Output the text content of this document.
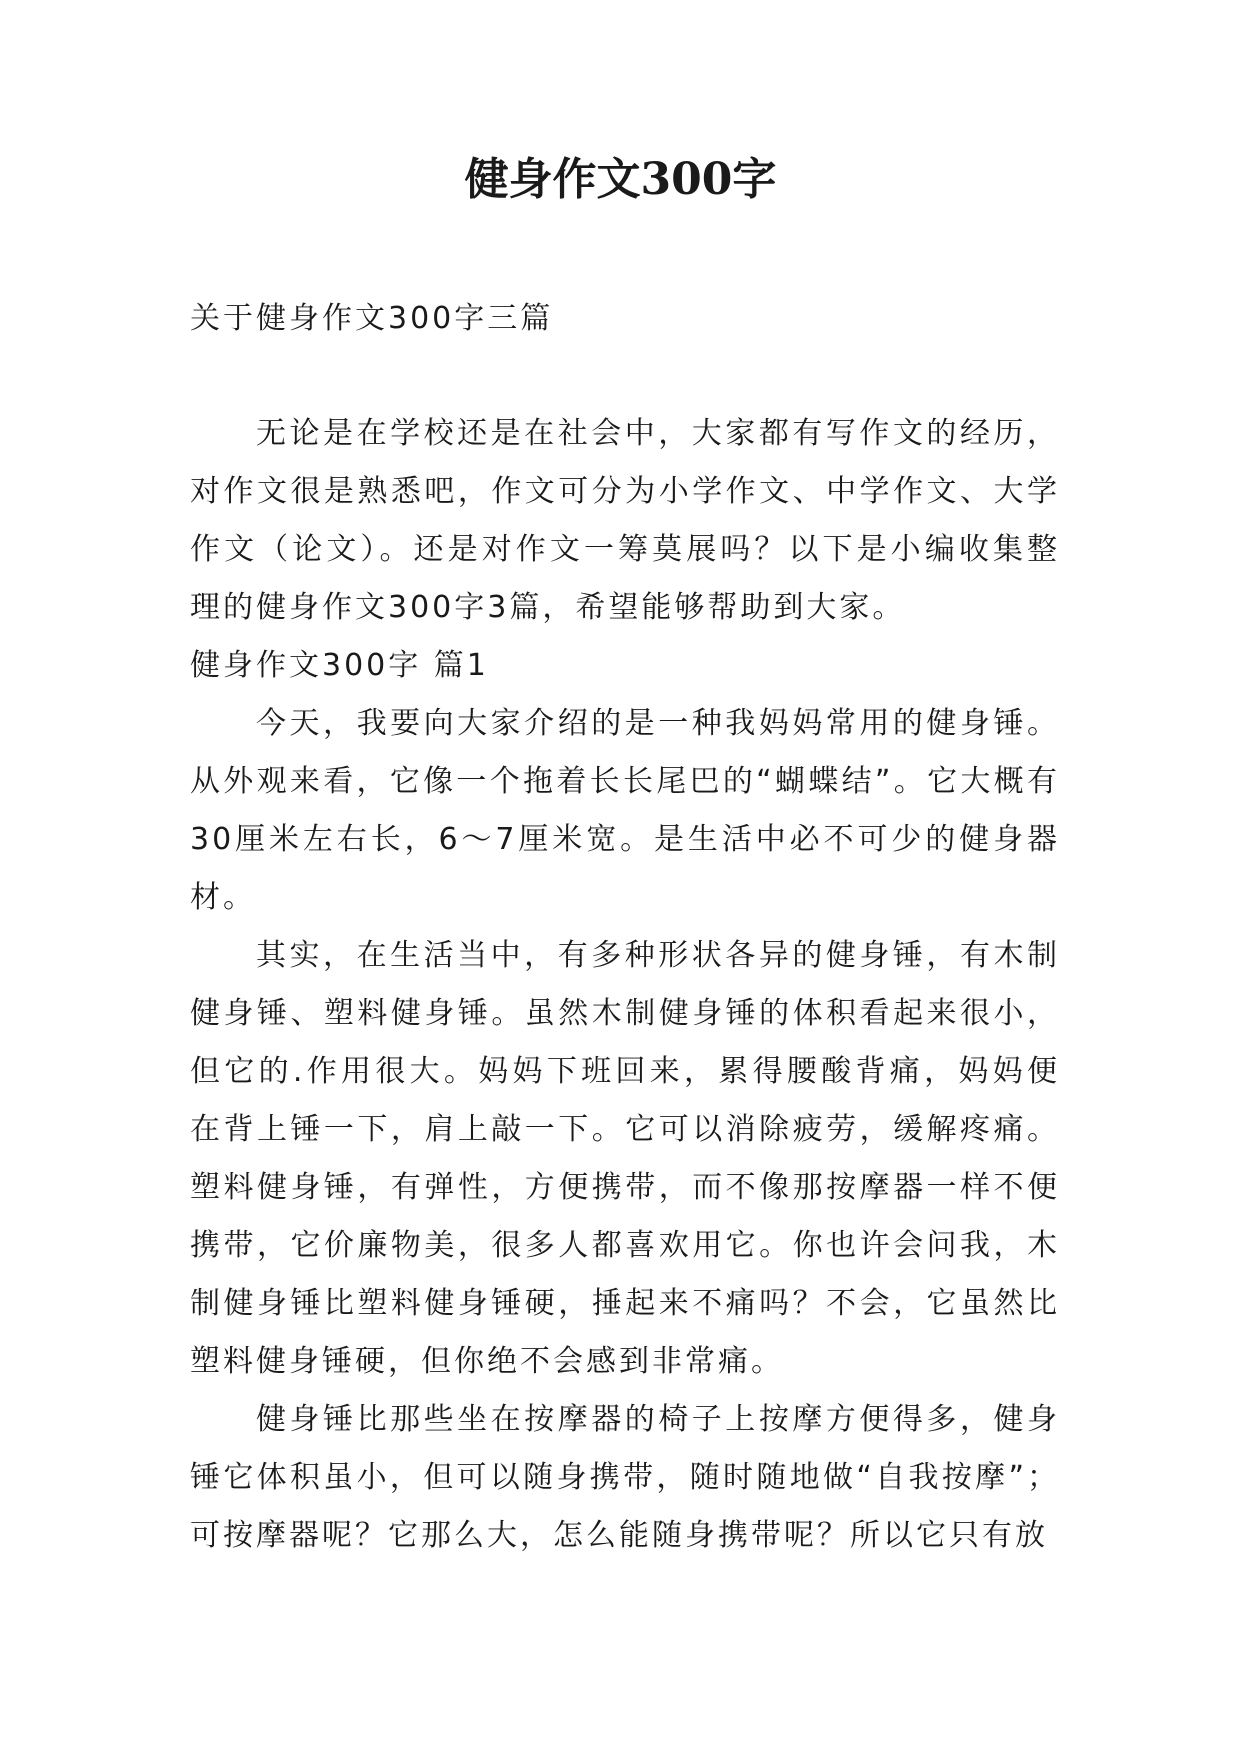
健身作文300字
关于健身作文300字三篇

无论是在学校还是在社会中，大家都有写作文的经历，对作文很是熟悉吧，作文可分为小学作文、中学作文、大学作文（论文）。还是对作文一筹莫展吗？以下是小编收集整理的健身作文300字3篇，希望能够帮助到大家。

健身作文300字 篇1

今天，我要向大家介绍的是一种我妈妈常用的健身锤。从外观来看，它像一个拖着长长尾巴的“蝴蝶结”。它大概有30厘米左右长，6～7厘米宽。是生活中必不可少的健身器材。

其实，在生活当中，有多种形状各异的健身锤，有木制健身锤、塑料健身锤。虽然木制健身锤的体积看起来很小，但它的.作用很大。妈妈下班回来，累得腰酸背痛，妈妈便在背上锤一下，肩上敲一下。它可以消除疲劳，缓解疼痛。塑料健身锤，有弹性，方便携带，而不像那按摩器一样不便携带，它价廉物美，很多人都喜欢用它。你也许会问我，木制健身锤比塑料健身锤硬，捶起来不痛吗？不会，它虽然比塑料健身锤硬，但你绝不会感到非常痛。

健身锤比那些坐在按摩器的椅子上按摩方便得多，健身锤它体积虽小，但可以随身携带，随时随地做“自我按摩”；可按摩器呢？它那么大，怎么能随身携带呢？所以它只有放
